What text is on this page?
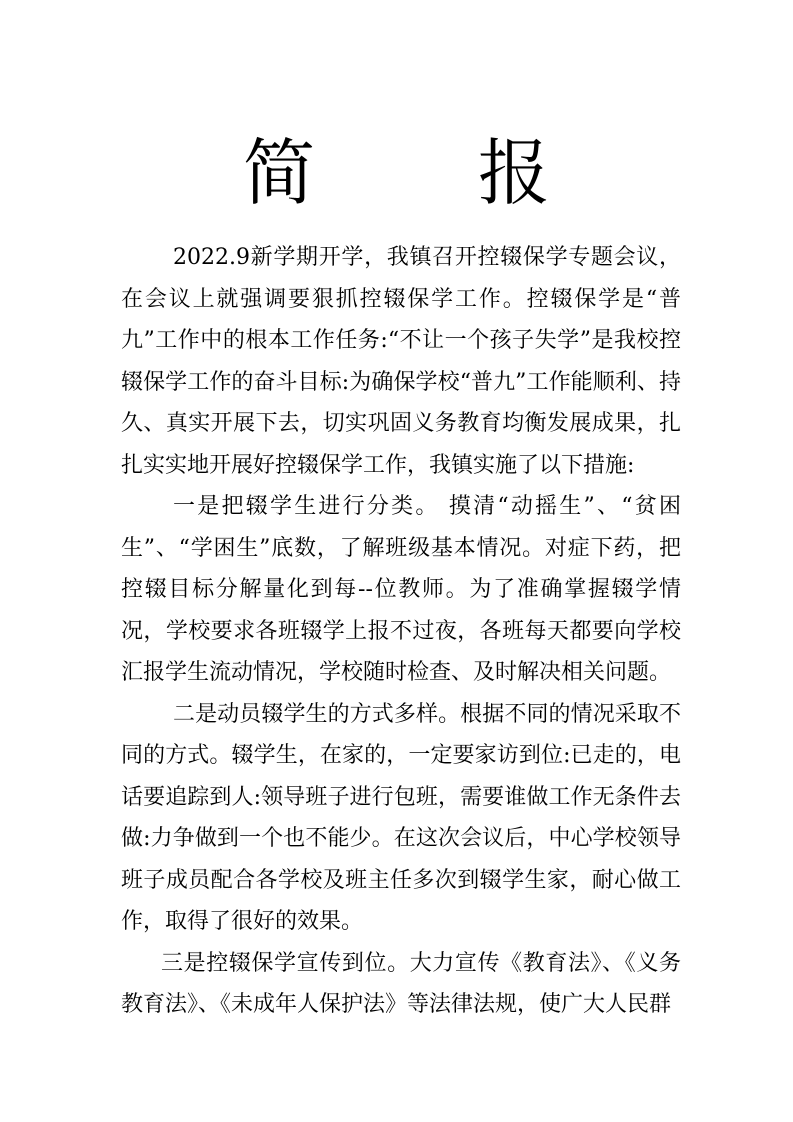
简 报

2022.9新学期开学，我镇召开控辍保学专题会议，在会议上就强调要狠抓控辍保学工作。控辍保学是“普九”工作中的根本工作任务:“不让一个孩子失学”是我校控辍保学工作的奋斗目标:为确保学校“普九”工作能顺利、持久、真实开展下去，切实巩固义务教育均衡发展成果，扎扎实实地开展好控辍保学工作，我镇实施了以下措施:

一是把辍学生进行分类。 摸清“动摇生”、“贫困生”、“学困生”底数，了解班级基本情况。对症下药，把控辍目标分解量化到每--位教师。为了准确掌握辍学情况，学校要求各班辍学上报不过夜，各班每天都要向学校汇报学生流动情况，学校随时检查、及时解决相关问题。

二是动员辍学生的方式多样。根据不同的情况采取不同的方式。辍学生，在家的，一定要家访到位:已走的，电话要追踪到人:领导班子进行包班，需要谁做工作无条件去做:力争做到一个也不能少。在这次会议后，中心学校领导班子成员配合各学校及班主任多次到辍学生家，耐心做工作，取得了很好的效果。

三是控辍保学宣传到位。大力宣传《教育法》、《义务教育法》、《未成年人保护法》等法律法规，使广大人民群
